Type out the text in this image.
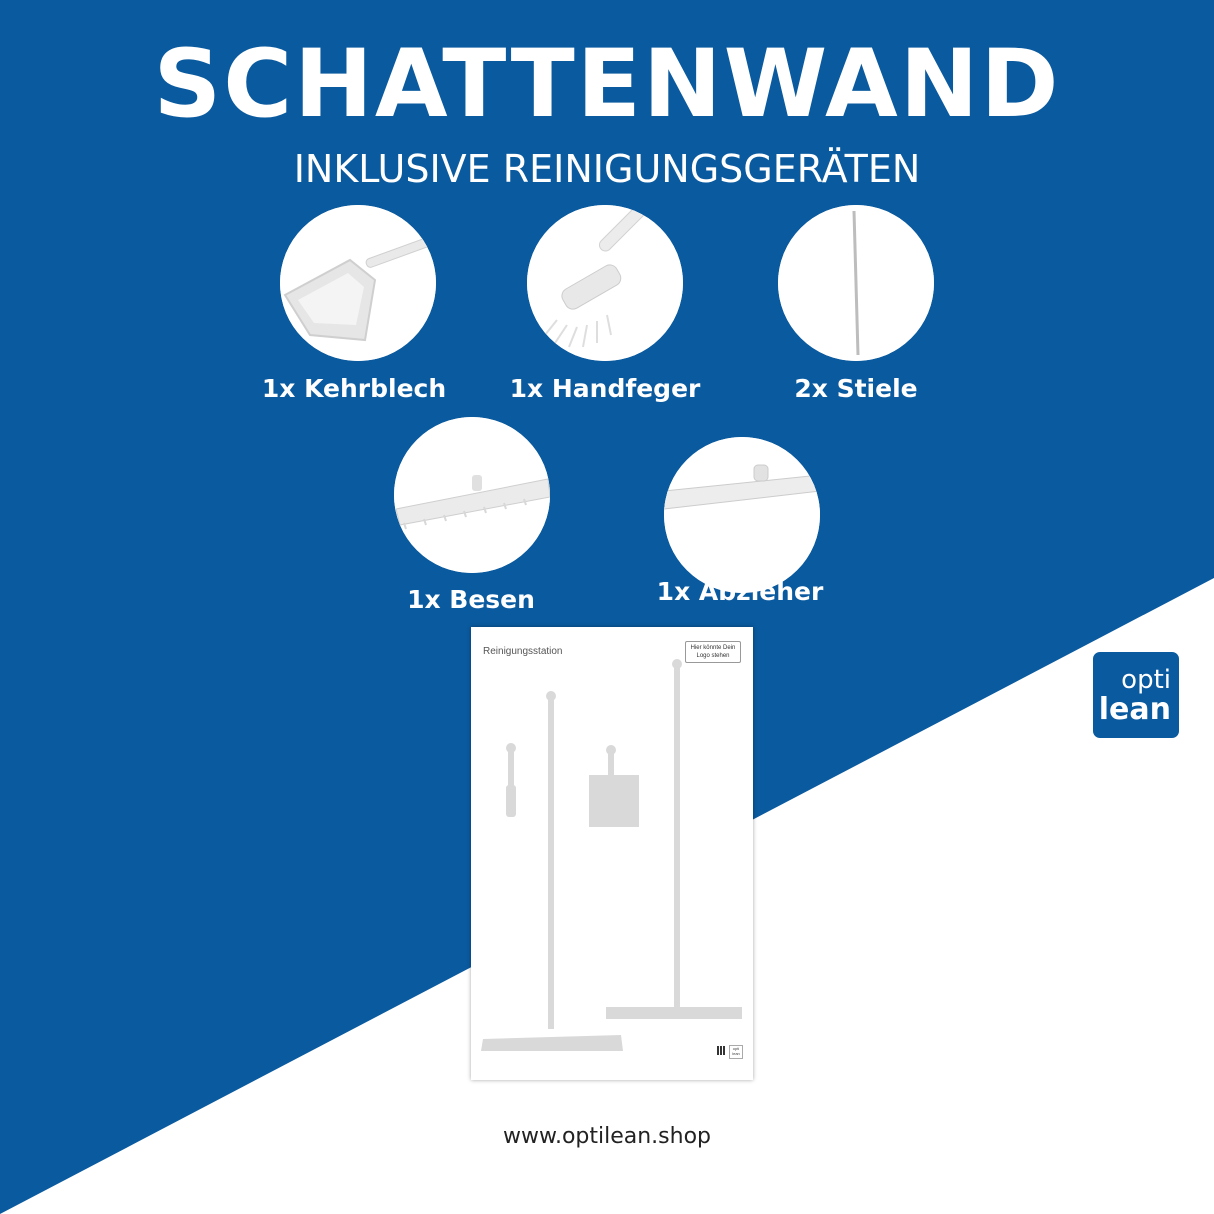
SCHATTENWAND
INKLUSIVE REINIGUNGSGERÄTEN
1x Kehrblech	1x Handfeger	2x Stiele
1x Besen	1x Abzieher
Reinigungsstation	Hier könnte Dein Logo stehen
opti lean
opti
lean
www.optilean.shop
